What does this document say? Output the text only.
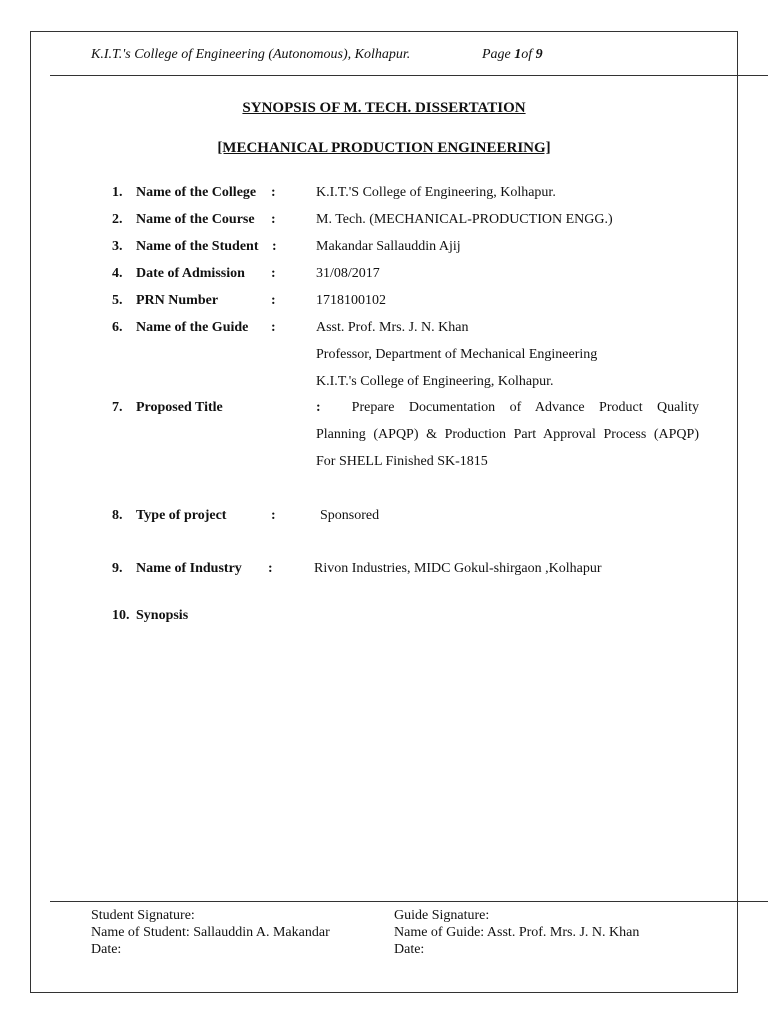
K.I.T.'s College of Engineering (Autonomous), Kolhapur.	Page 1of 9
SYNOPSIS OF M. TECH. DISSERTATION
[MECHANICAL PRODUCTION ENGINEERING]
1. Name of the College :	K.I.T.'S College of Engineering, Kolhapur.
2. Name of the Course :	M. Tech. (MECHANICAL-PRODUCTION ENGG.)
3. Name of the Student :	Makandar Sallauddin Ajij
4. Date of Admission :	31/08/2017
5. PRN Number	:	1718100102
6. Name of the Guide :	Asst. Prof. Mrs. J. N. Khan
Professor, Department of Mechanical Engineering
K.I.T.'s College of Engineering, Kolhapur.
7. Proposed Title	: Prepare Documentation of Advance Product Quality
Planning (APQP) & Production Part Approval Process (APQP)
For SHELL Finished SK-1815
8. Type of project	:	Sponsored
9. Name of Industry :	Rivon Industries, MIDC Gokul-shirgaon ,Kolhapur
10. Synopsis
Student Signature:
Name of Student: Sallauddin A. Makandar
Date:
Guide Signature:
Name of Guide: Asst. Prof. Mrs. J. N. Khan
Date:
